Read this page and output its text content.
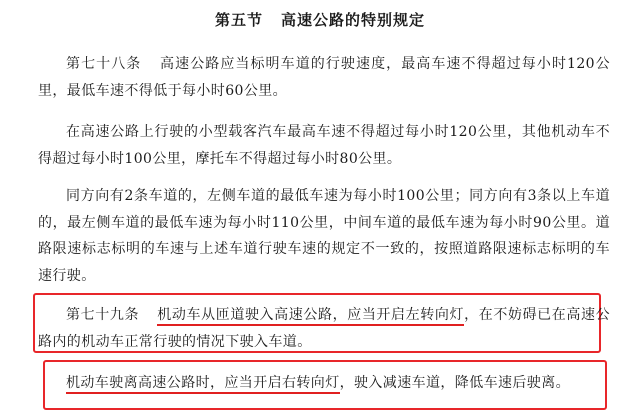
第五节 高速公路的特别规定
第七十八条 高速公路应当标明车道的行驶速度，最高车速不得超过每小时120公里，最低车速不得低于每小时60公里。
在高速公路上行驶的小型载客汽车最高车速不得超过每小时120公里，其他机动车不得超过每小时100公里，摩托车不得超过每小时80公里。
同方向有2条车道的，左侧车道的最低车速为每小时100公里；同方向有3条以上车道的，最左侧车道的最低车速为每小时110公里，中间车道的最低车速为每小时90公里。道路限速标志标明的车速与上述车道行驶车速的规定不一致的，按照道路限速标志标明的车速行驶。
第七十九条 机动车从匝道驶入高速公路，应当开启左转向灯，在不妨碍已在高速公路内的机动车正常行驶的情况下驶入车道。
机动车驶离高速公路时，应当开启右转向灯，驶入减速车道，降低车速后驶离。
